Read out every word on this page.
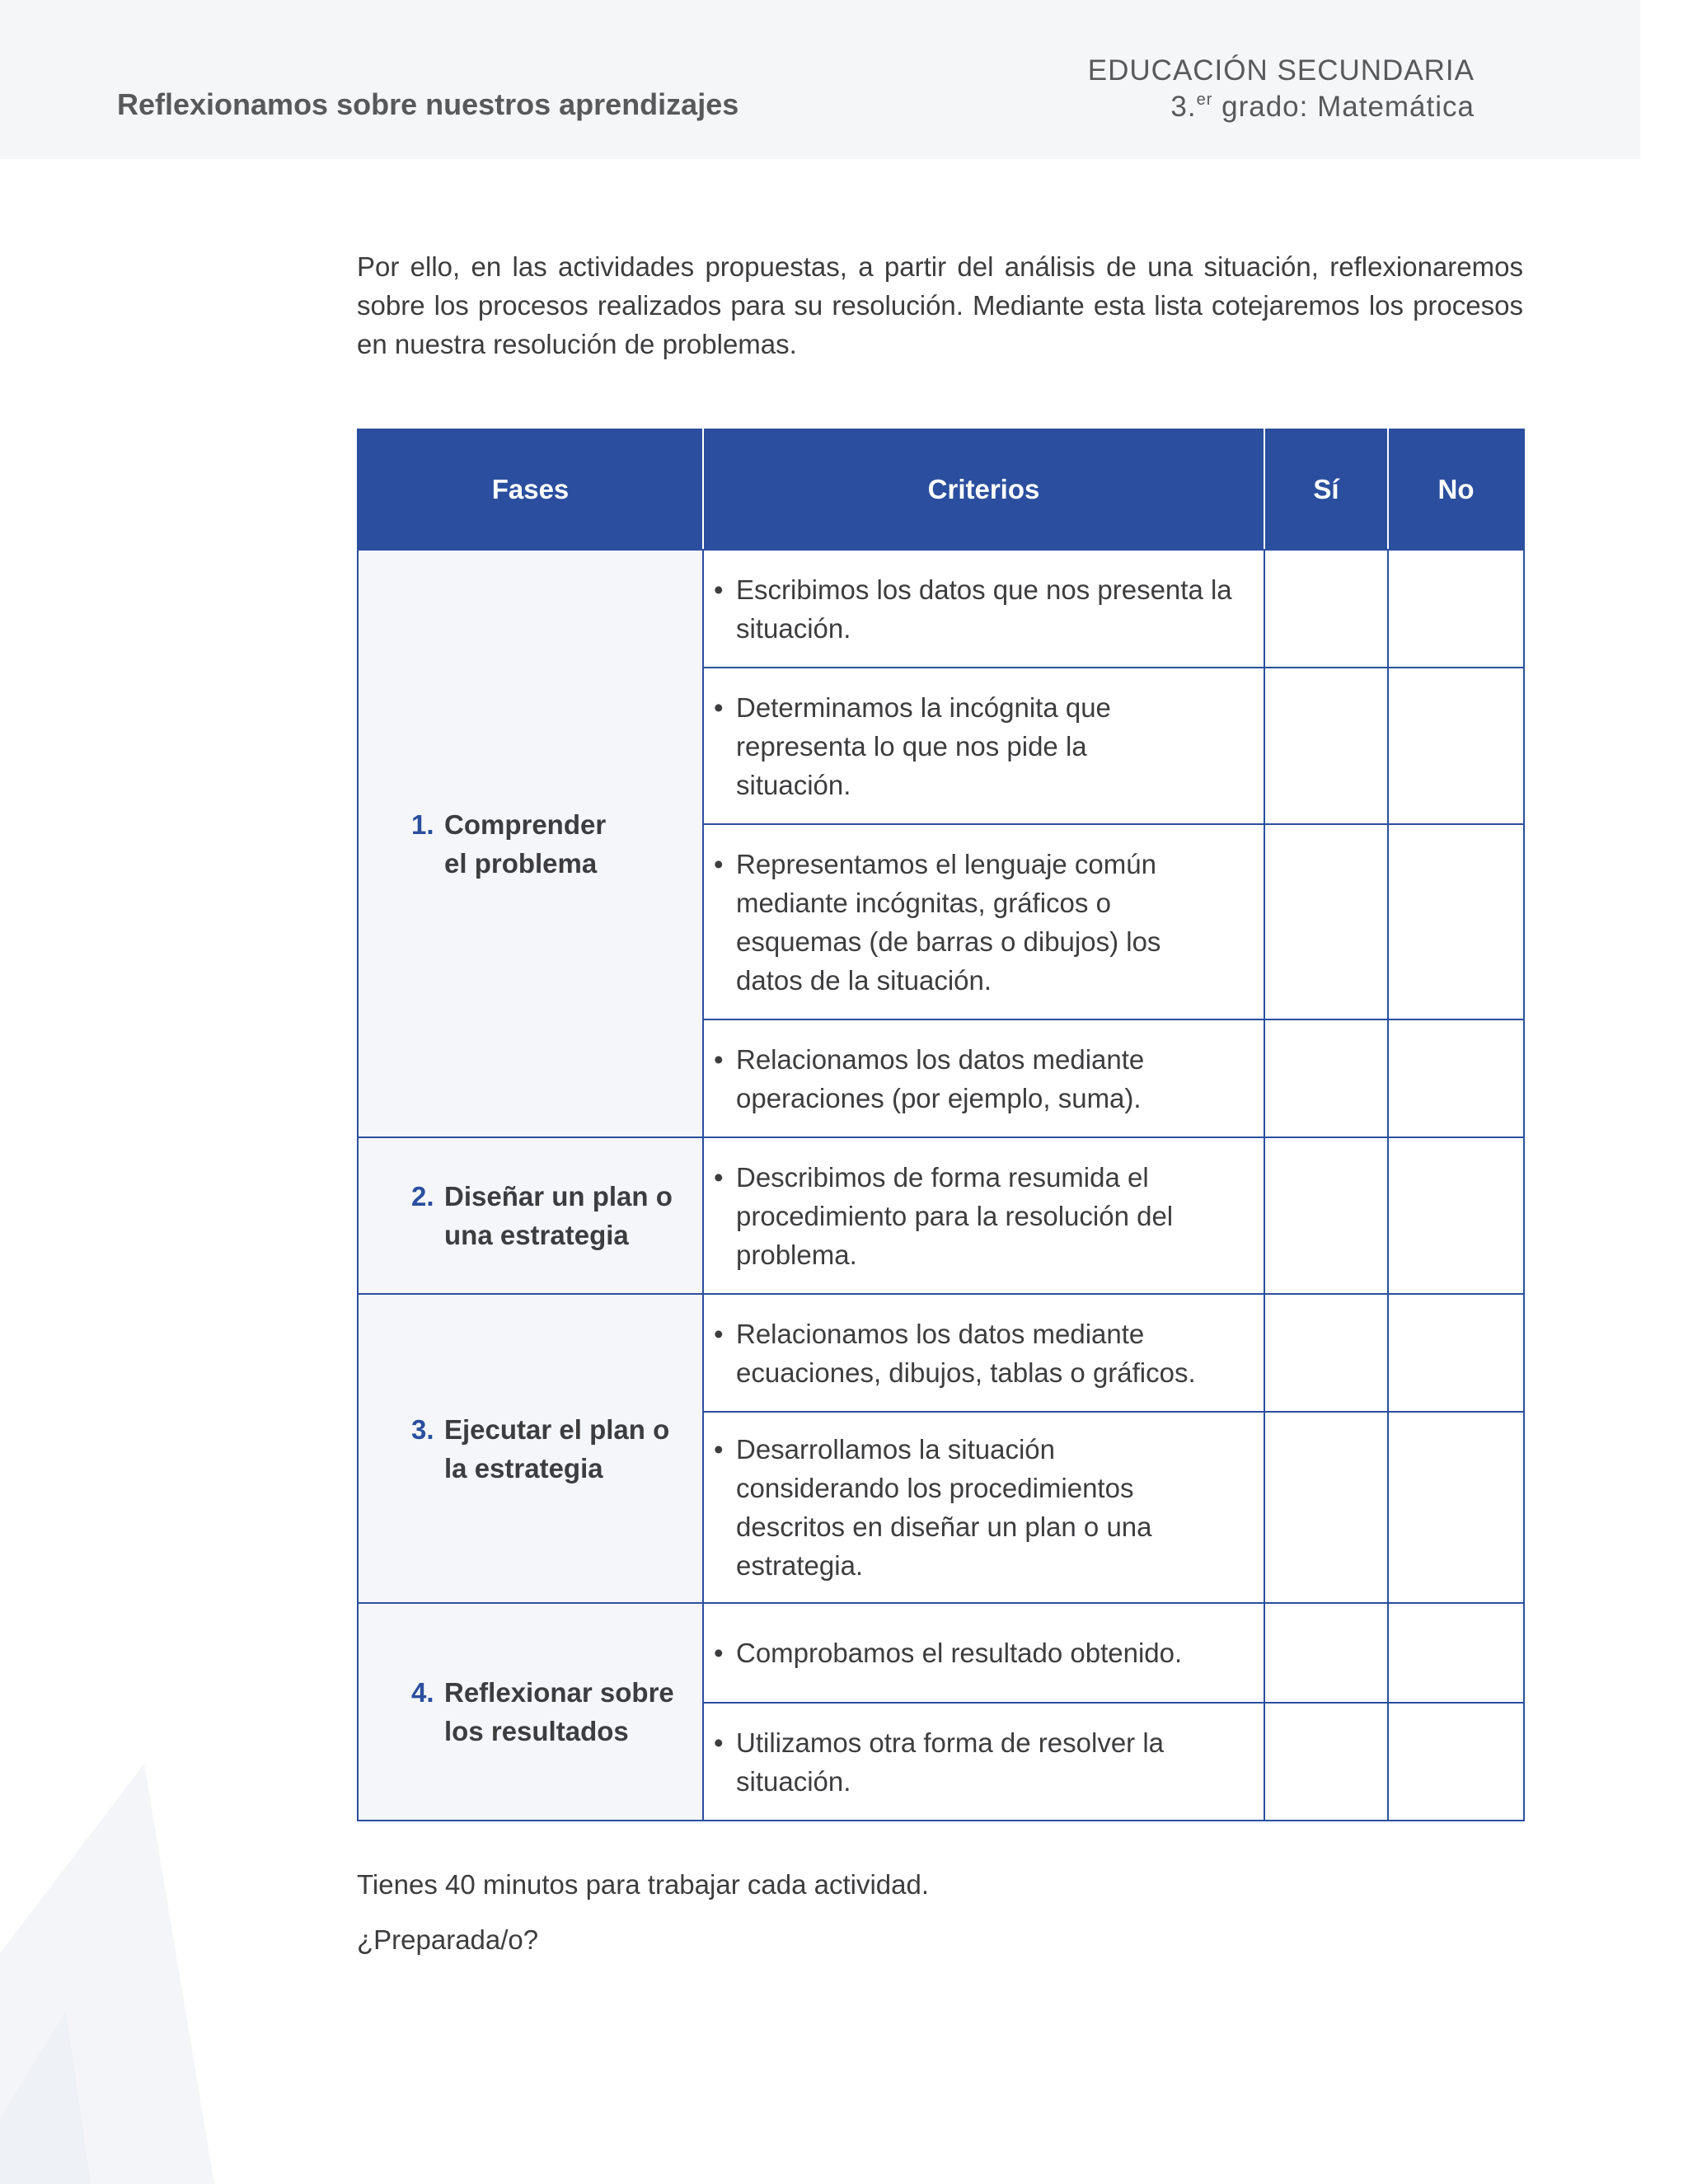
Reflexionamos sobre nuestros aprendizajes
EDUCACIÓN SECUNDARIA
3.$^{er}$ grado: Matemática

Por ello, en las actividades propuestas, a partir del análisis de una situación, reflexionaremos sobre los procesos realizados para su resolución. Mediante esta lista cotejaremos los procesos en nuestra resolución de problemas.

Fases	Criterios	Sí	No

1. Comprender el problema	• Escribimos los datos que nos presenta la situación.		

	• Determinamos la incógnita que representa lo que nos pide la situación.		

	• Representamos el lenguaje común mediante incógnitas, gráficos o esquemas (de barras o dibujos) los datos de la situación.		

	• Relacionamos los datos mediante operaciones (por ejemplo, suma).		

2. Diseñar un plan o una estrategia	• Describimos de forma resumida el procedimiento para la resolución del problema.		

3. Ejecutar el plan o la estrategia	• Relacionamos los datos mediante ecuaciones, dibujos, tablas o gráficos.		

	• Desarrollamos la situación considerando los procedimientos descritos en diseñar un plan o una estrategia.		

4. Reflexionar sobre los resultados	• Comprobamos el resultado obtenido.		

	• Utilizamos otra forma de resolver la situación.		

Tienes 40 minutos para trabajar cada actividad.
¿Preparada/o?
